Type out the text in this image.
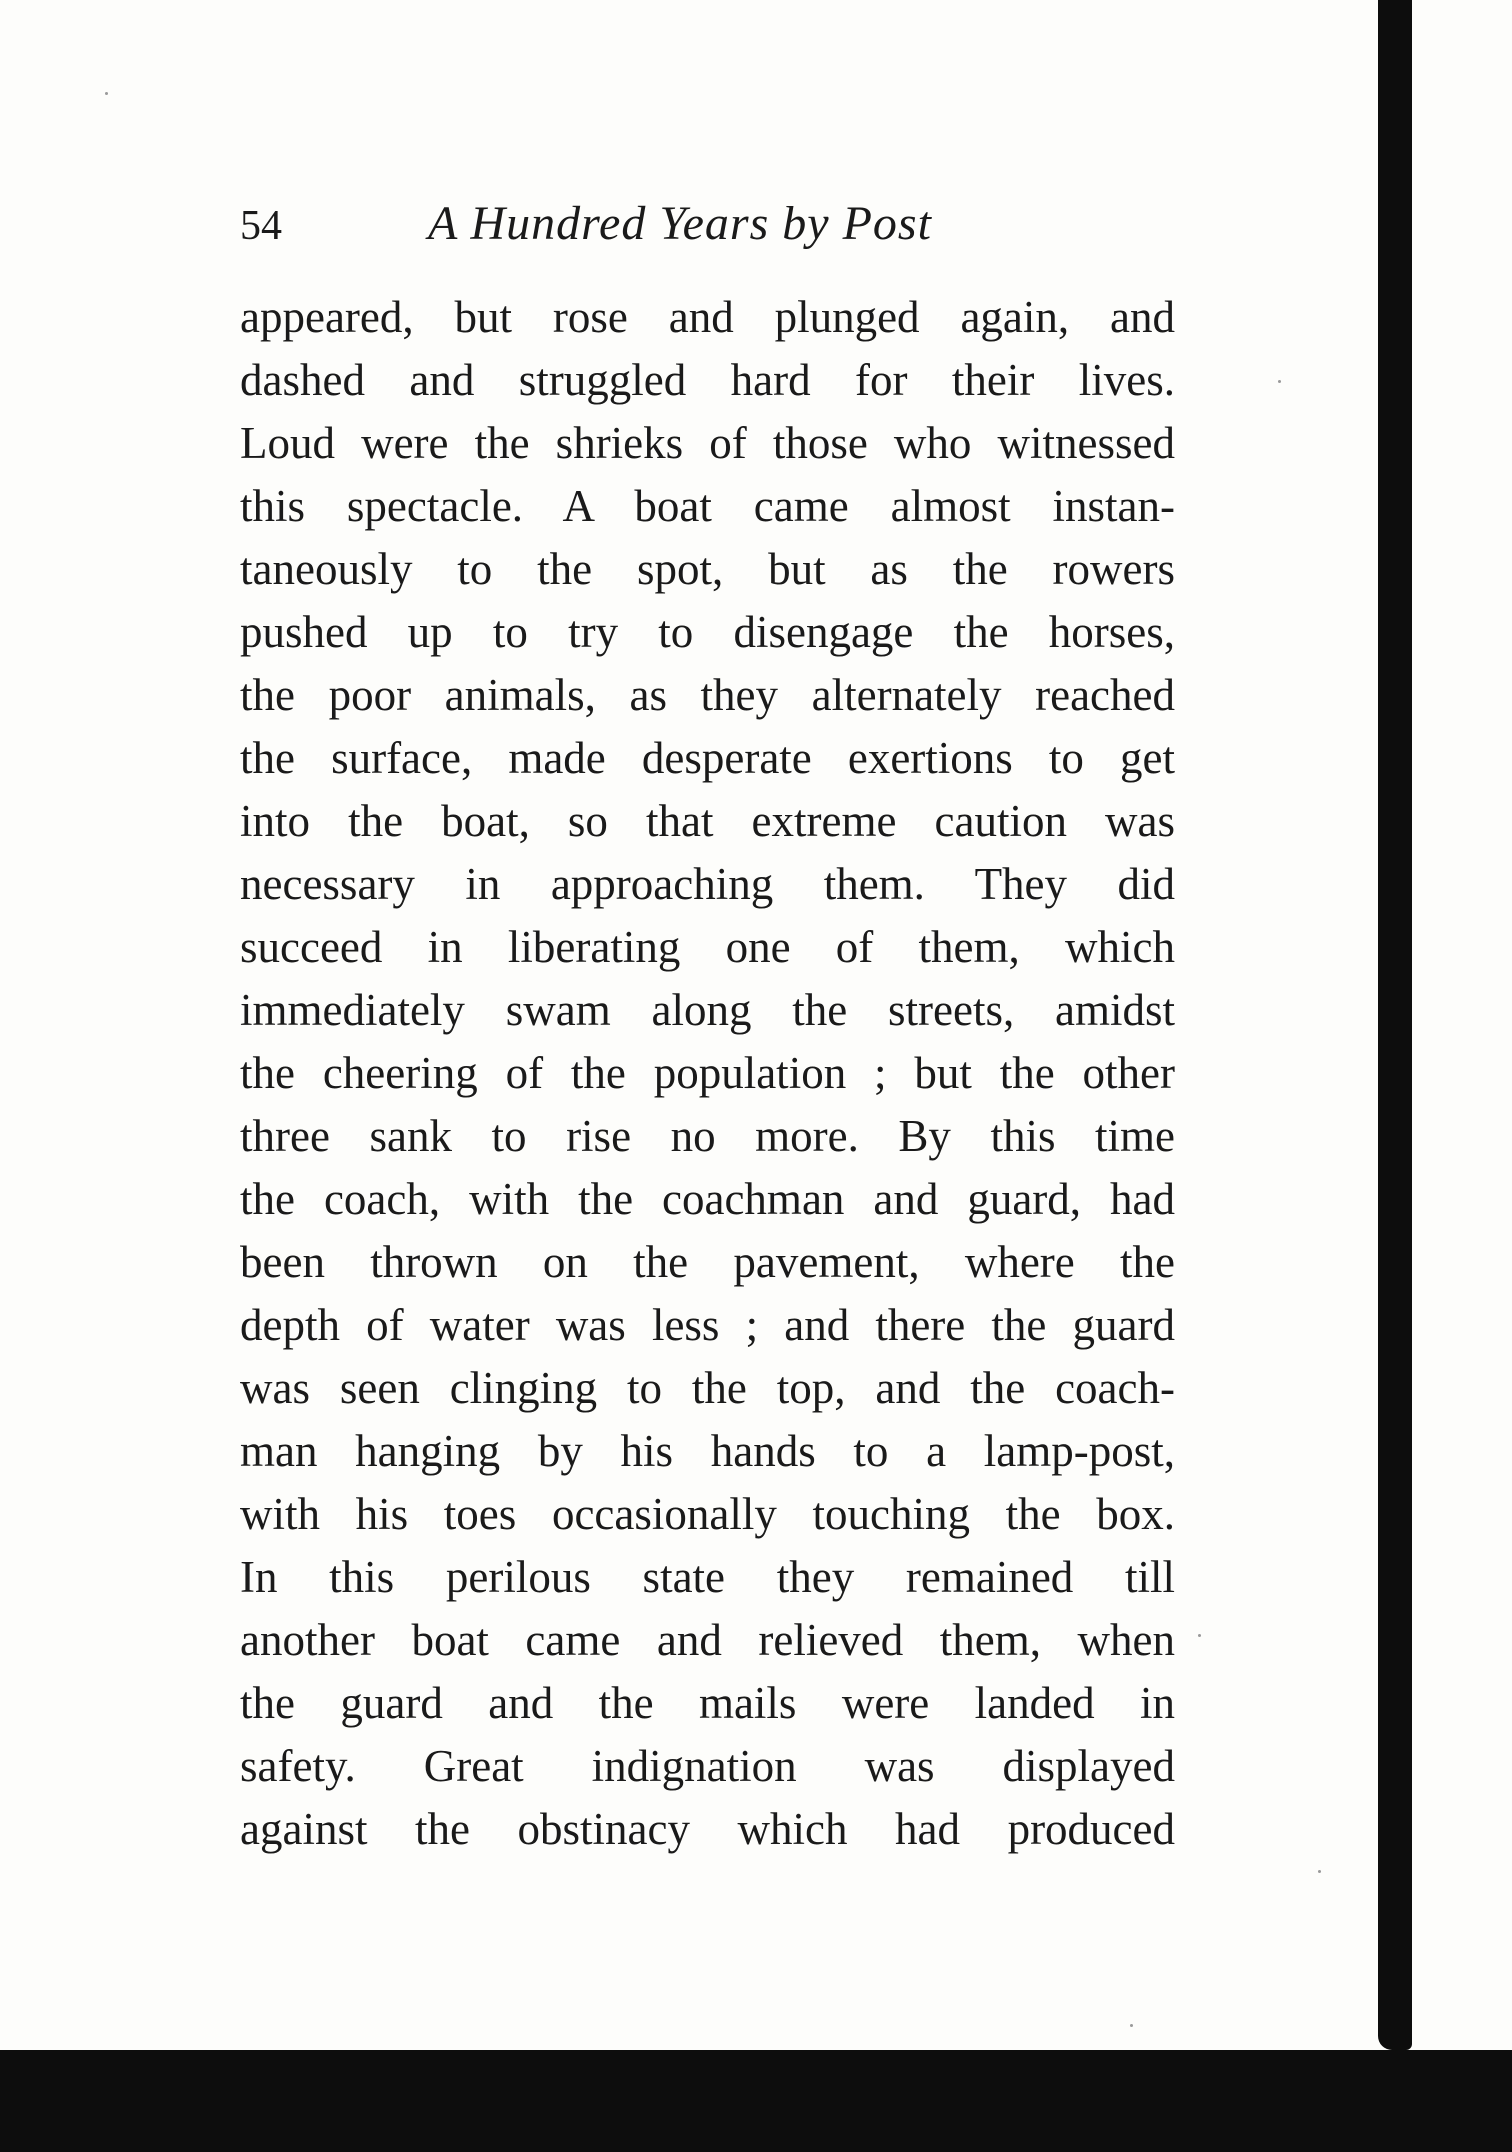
54	A Hundred Years by Post
appeared, but rose and plunged again, and
dashed and struggled hard for their lives.
Loud were the shrieks of those who witnessed
this spectacle. A boat came almost instan-
taneously to the spot, but as the rowers
pushed up to try to disengage the horses,
the poor animals, as they alternately reached
the surface, made desperate exertions to get
into the boat, so that extreme caution was
necessary in approaching them. They did
succeed in liberating one of them, which
immediately swam along the streets, amidst
the cheering of the population ; but the other
three sank to rise no more. By this time
the coach, with the coachman and guard, had
been thrown on the pavement, where the
depth of water was less ; and there the guard
was seen clinging to the top, and the coach-
man hanging by his hands to a lamp-post,
with his toes occasionally touching the box.
In this perilous state they remained till
another boat came and relieved them, when
the guard and the mails were landed in
safety. Great indignation was displayed
against the obstinacy which had produced
